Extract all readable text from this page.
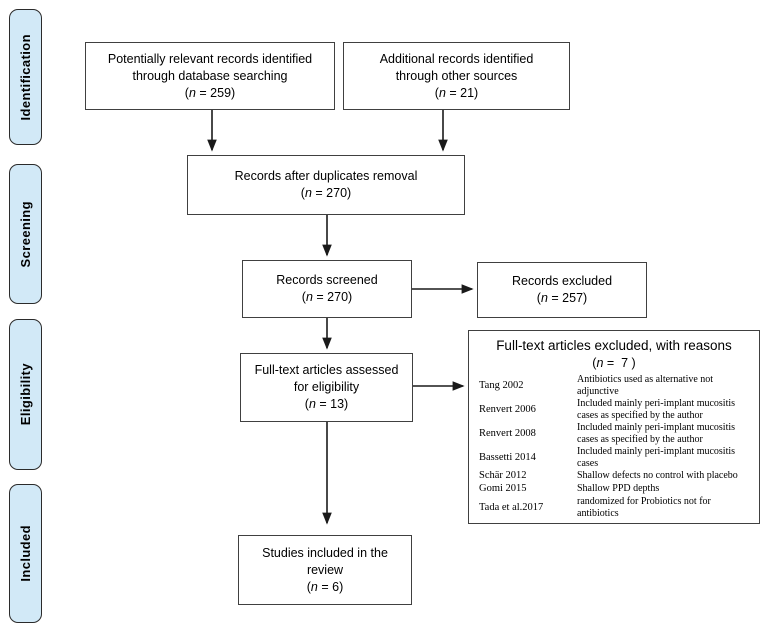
Identification
Screening
Eligibility
Included
Potentially relevant records identified
through database searching
(n = 259)
Additional records identified
through other sources
(n = 21)
Records after duplicates removal
(n = 270)
Records screened
(n = 270)
Records excluded
(n = 257)
Full-text articles assessed
for eligibility
(n = 13)
Full-text articles excluded, with reasons
(n =  7 )
Tang 2002	Antibiotics used as alternative not adjunctive
Renvert 2006	Included mainly peri-implant mucositis cases as specified by the author
Renvert 2008	Included mainly peri-implant mucositis cases as specified by the author
Bassetti 2014	Included mainly peri-implant mucositis cases
Schär 2012	Shallow defects no control with placebo
Gomi 2015	Shallow PPD depths
Tada et al.2017	randomized for Probiotics not for antibiotics
Studies included in the
review
(n = 6)
